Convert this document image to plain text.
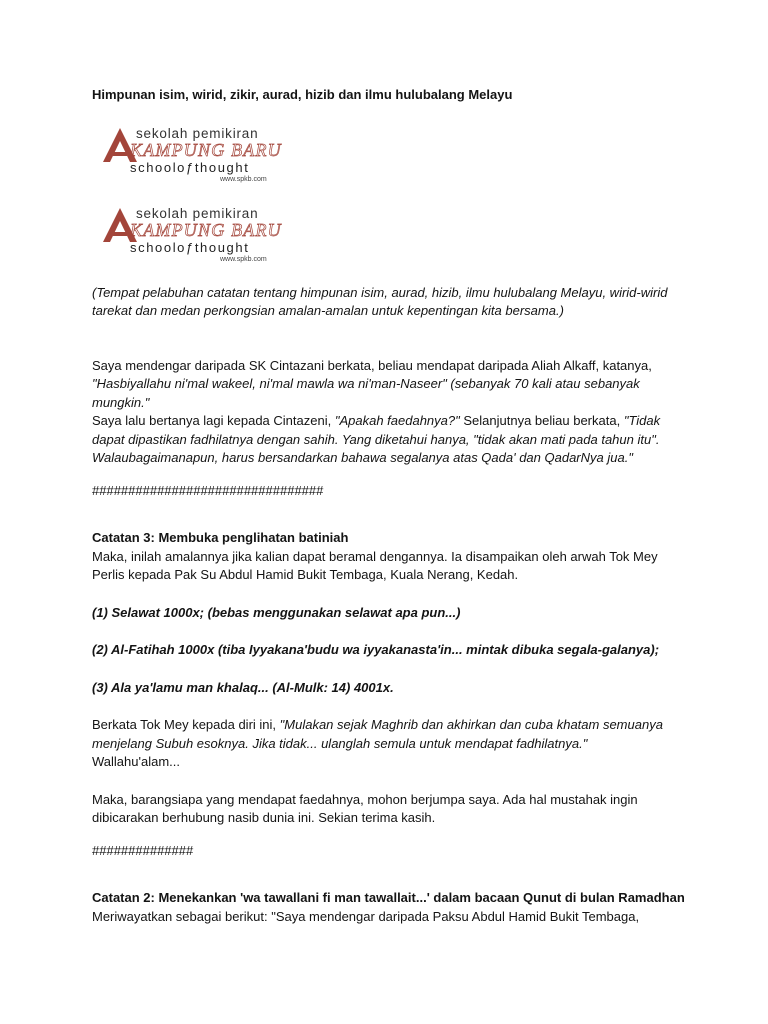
Himpunan isim, wirid, zikir, aurad, hizib dan ilmu hulubalang Melayu

sekolah pemikiran
KAMPUNG BARU
schooloƒthought
www.spkb.com
sekolah pemikiran
KAMPUNG BARU
schooloƒthought
www.spkb.com

(Tempat pelabuhan catatan tentang himpunan isim, aurad, hizib, ilmu hulubalang Melayu, wirid-wirid tarekat dan medan perkongsian amalan-amalan untuk kepentingan kita bersama.)

Saya mendengar daripada SK Cintazani berkata, beliau mendapat daripada Aliah Alkaff, katanya,
"Hasbiyallahu ni'mal wakeel, ni'mal mawla wa ni'man-Naseer" (sebanyak 70 kali atau sebanyak mungkin."
Saya lalu bertanya lagi kepada Cintazeni, "Apakah faedahnya?" Selanjutnya beliau berkata, "Tidak dapat dipastikan fadhilatnya dengan sahih. Yang diketahui hanya, "tidak akan mati pada tahun itu". Walaubagaimanapun, harus bersandarkan bahawa segalanya atas Qada' dan QadarNya jua."

################################

Catatan 3: Membuka penglihatan batiniah

Maka, inilah amalannya jika kalian dapat beramal dengannya. Ia disampaikan oleh arwah Tok Mey Perlis kepada Pak Su Abdul Hamid Bukit Tembaga, Kuala Nerang, Kedah.

(1) Selawat 1000x; (bebas menggunakan selawat apa pun...)

(2) Al-Fatihah 1000x (tiba Iyyakana'budu wa iyyakanasta'in... mintak dibuka segala-galanya);

(3) Ala ya'lamu man khalaq... (Al-Mulk: 14) 4001x.

Berkata Tok Mey kepada diri ini, "Mulakan sejak Maghrib dan akhirkan dan cuba khatam semuanya menjelang Subuh esoknya. Jika tidak... ulanglah semula untuk mendapat fadhilatnya."
Wallahu'alam...

Maka, barangsiapa yang mendapat faedahnya, mohon berjumpa saya. Ada hal mustahak ingin dibicarakan berhubung nasib dunia ini. Sekian terima kasih.

##############

Catatan 2: Menekankan 'wa tawallani fi man tawallait...' dalam bacaan Qunut di bulan Ramadhan

Meriwayatkan sebagai berikut: "Saya mendengar daripada Paksu Abdul Hamid Bukit Tembaga,
